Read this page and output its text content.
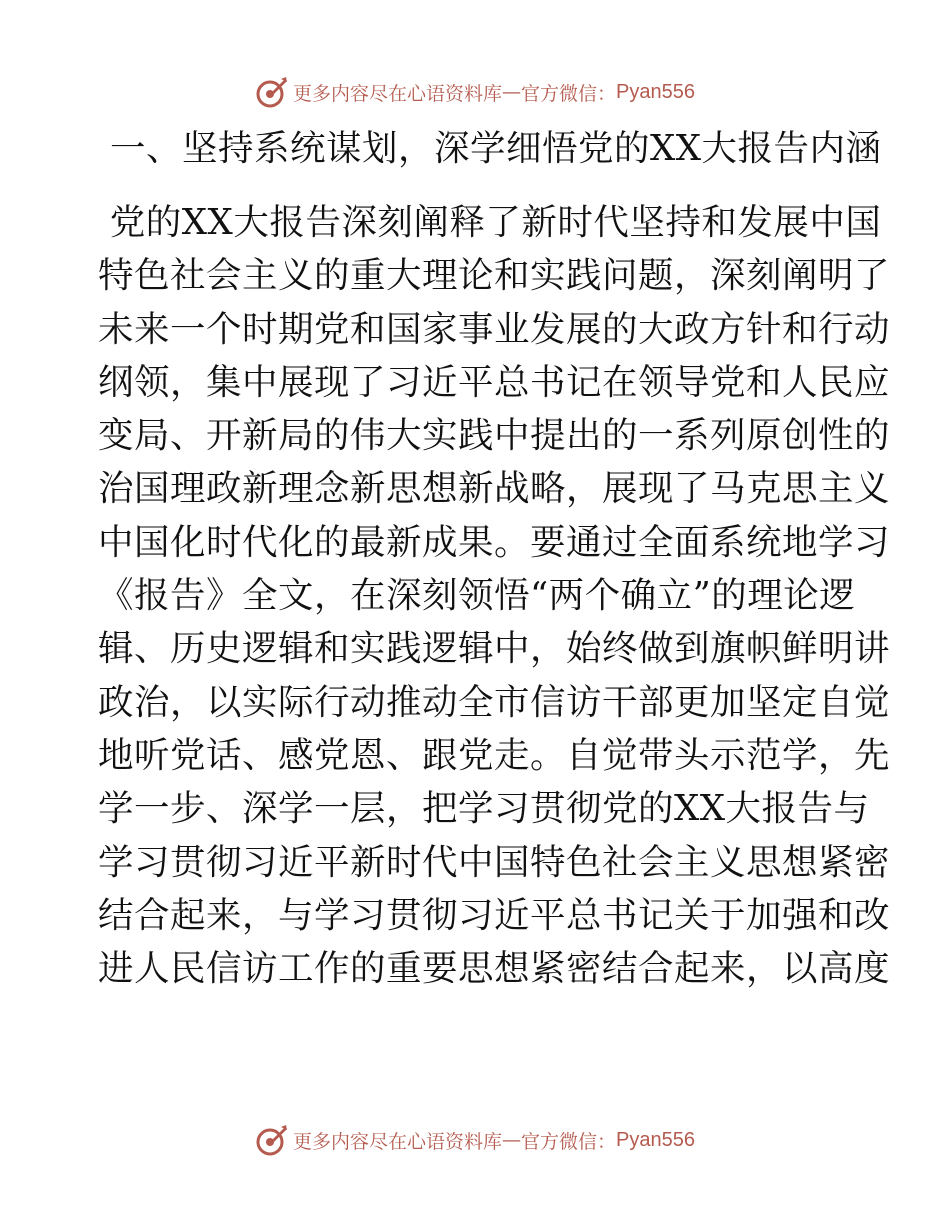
更多内容尽在心语资料库 — 官方微信： Pyan556
一、坚持系统谋划，深学细悟党的XX大报告内涵
党的XX大报告深刻阐释了新时代坚持和发展中国
特色社会主义的重大理论和实践问题，深刻阐明了
未来一个时期党和国家事业发展的大政方针和行动
纲领，集中展现了习近平总书记在领导党和人民应
变局、开新局的伟大实践中提出的一系列原创性的
治国理政新理念新思想新战略，展现了马克思主义
中国化时代化的最新成果。要通过全面系统地学习
《报告》全文，在深刻领悟“两个确立”的理论逻
辑、历史逻辑和实践逻辑中，始终做到旗帜鲜明讲
政治，以实际行动推动全市信访干部更加坚定自觉
地听党话、感党恩、跟党走。自觉带头示范学，先
学一步、深学一层，把学习贯彻党的XX大报告与
学习贯彻习近平新时代中国特色社会主义思想紧密
结合起来，与学习贯彻习近平总书记关于加强和改
进人民信访工作的重要思想紧密结合起来，以高度
更多内容尽在心语资料库 — 官方微信： Pyan556
